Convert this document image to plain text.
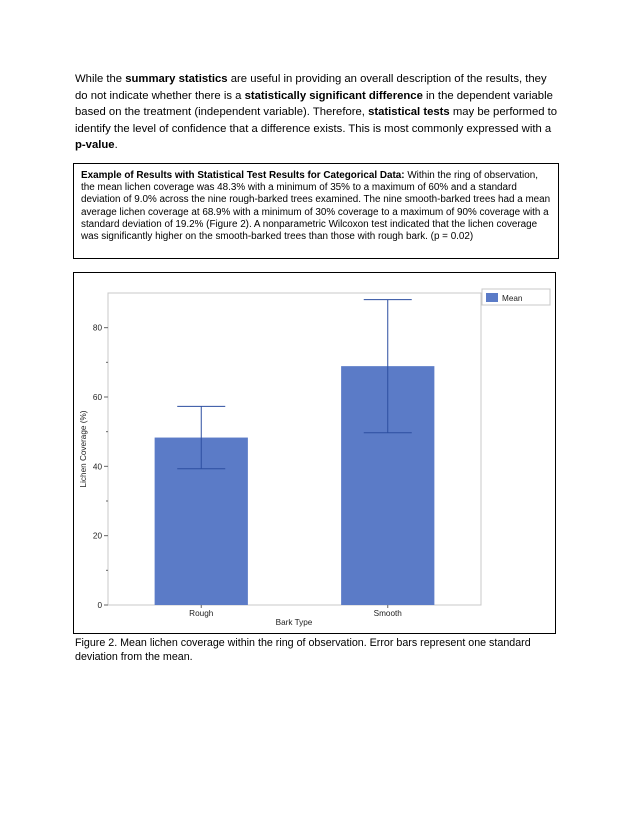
While the summary statistics are useful in providing an overall description of the results, they do not indicate whether there is a statistically significant difference in the dependent variable based on the treatment (independent variable). Therefore, statistical tests may be performed to identify the level of confidence that a difference exists. This is most commonly expressed with a p-value.

Example of Results with Statistical Test Results for Categorical Data: Within the ring of observation, the mean lichen coverage was 48.3% with a minimum of 35% to a maximum of 60% and a standard deviation of 9.0% across the nine rough-barked trees examined. The nine smooth-barked trees had a mean average lichen coverage at 68.9% with a minimum of 30% coverage to a maximum of 90% coverage with a standard deviation of 19.2% (Figure 2). A nonparametric Wilcoxon test indicated that the lichen coverage was significantly higher on the smooth-barked trees than those with rough bark. (p = 0.02)
0
20
40
60
80
Rough	Smooth
Lichen Coverage (%)
Bark Type
Mean

Figure 2. Mean lichen coverage within the ring of observation. Error bars represent one standard deviation from the mean.
